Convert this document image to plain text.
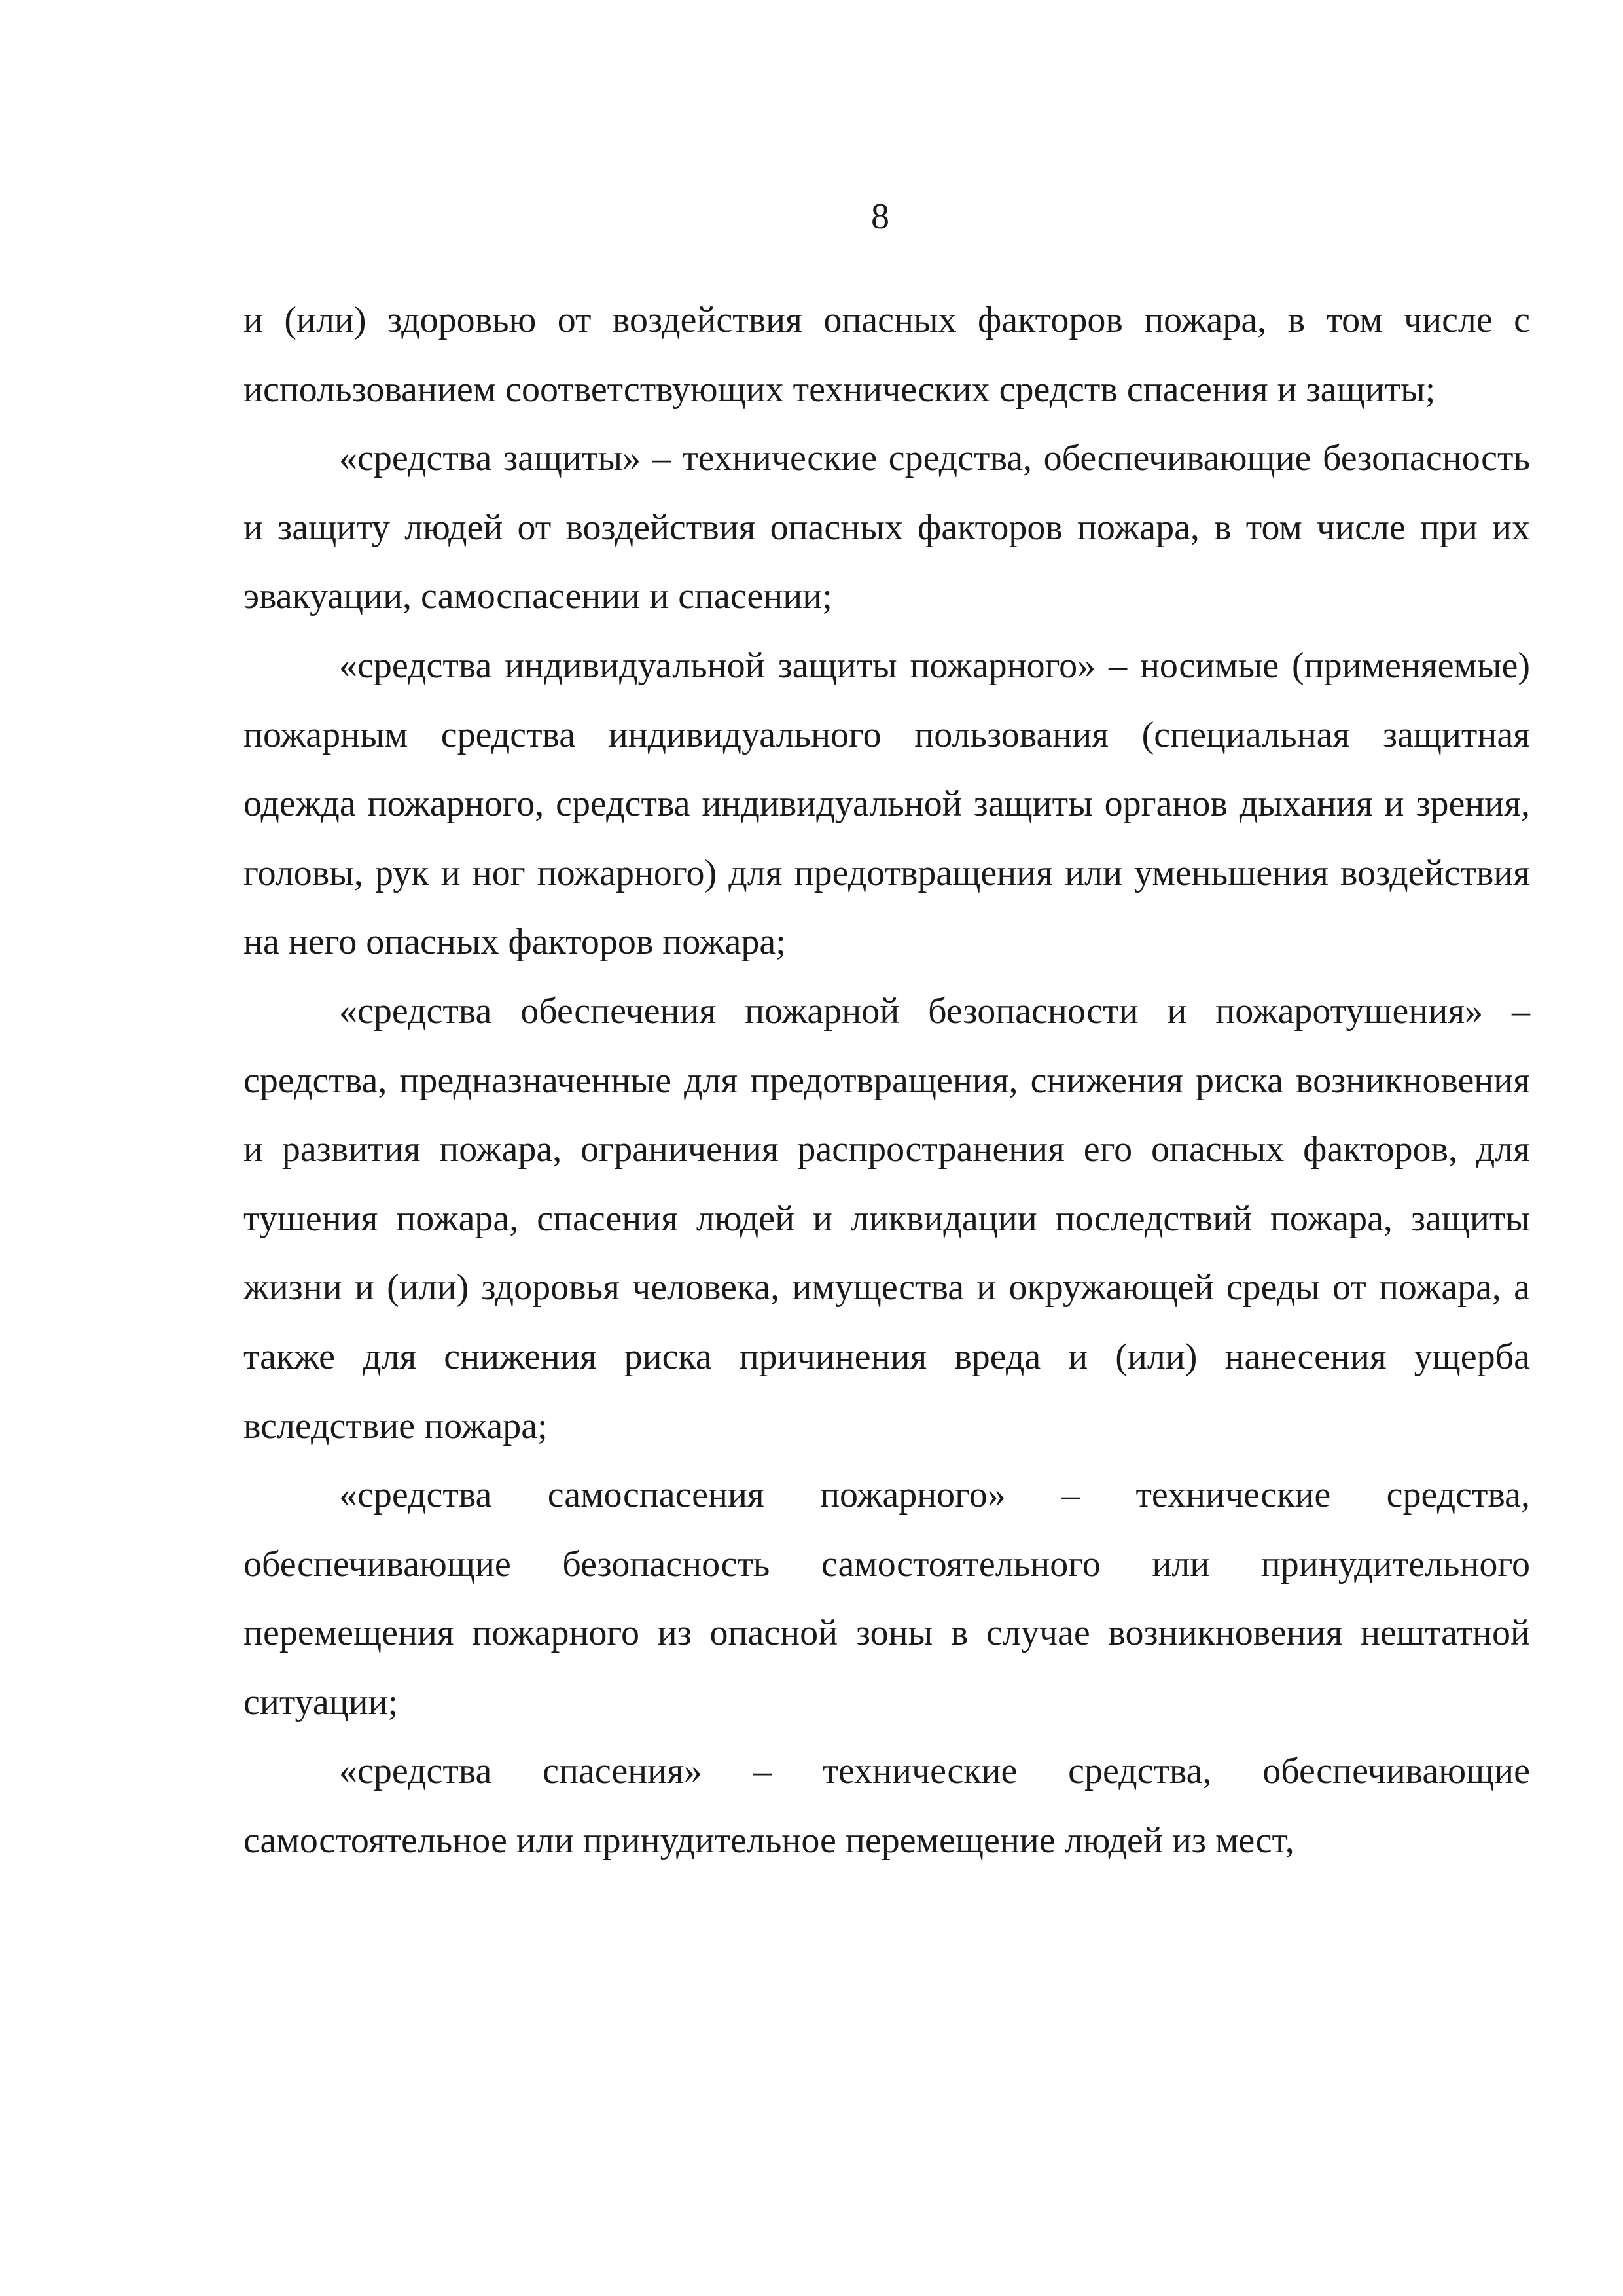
8

и (или) здоровью от воздействия опасных факторов пожара, в том числе с использованием соответствующих технических средств спасения и защиты;

«средства защиты» – технические средства, обеспечивающие безопасность и защиту людей от воздействия опасных факторов пожара, в том числе при их эвакуации, самоспасении и спасении;

«средства индивидуальной защиты пожарного» – носимые (применяемые) пожарным средства индивидуального пользования (специальная защитная одежда пожарного, средства индивидуальной защиты органов дыхания и зрения, головы, рук и ног пожарного) для предотвращения или уменьшения воздействия на него опасных факторов пожара;

«средства обеспечения пожарной безопасности и пожаротушения» – средства, предназначенные для предотвращения, снижения риска возникновения и развития пожара, ограничения распространения его опасных факторов, для тушения пожара, спасения людей и ликвидации последствий пожара, защиты жизни и (или) здоровья человека, имущества и окружающей среды от пожара, а также для снижения риска причинения вреда и (или) нанесения ущерба вследствие пожара;

«средства самоспасения пожарного» – технические средства, обеспечивающие безопасность самостоятельного или принудительного перемещения пожарного из опасной зоны в случае возникновения нештатной ситуации;

«средства спасения» – технические средства, обеспечивающие самостоятельное или принудительное перемещение людей из мест,
